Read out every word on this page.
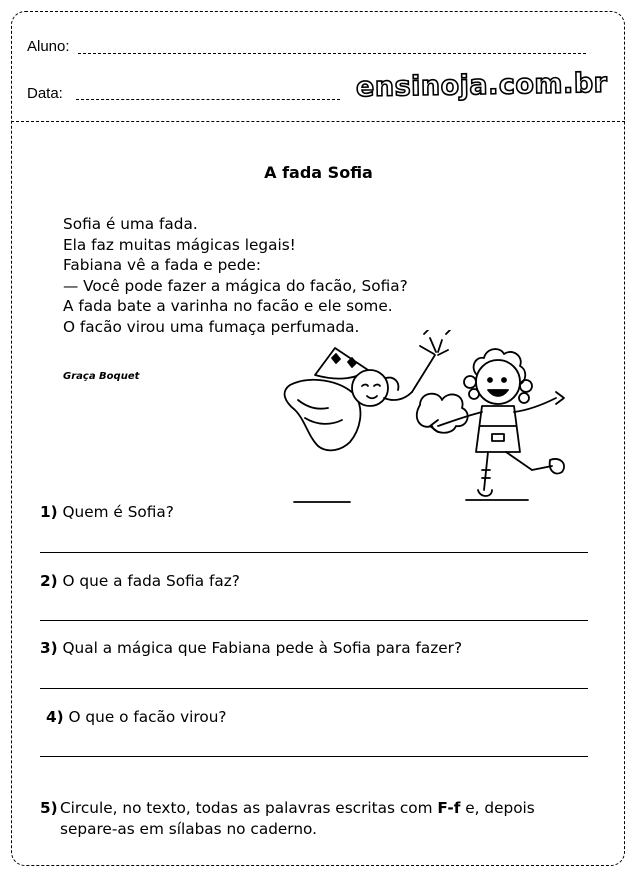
Aluno:
Data:	ensinoja.com.br
A fada Sofia
Sofia é uma fada.
Ela faz muitas mágicas legais!
Fabiana vê a fada e pede:
— Você pode fazer a mágica do facão, Sofia?
A fada bate a varinha no facão e ele some.
O facão virou uma fumaça perfumada.
Graça Boquet
1) Quem é Sofia?
2) O que a fada Sofia faz?
3) Qual a mágica que Fabiana pede à Sofia para fazer?
4) O que o facão virou?
5) Circule, no texto, todas as palavras escritas com F-f e, depois separe-as em sílabas no caderno.
